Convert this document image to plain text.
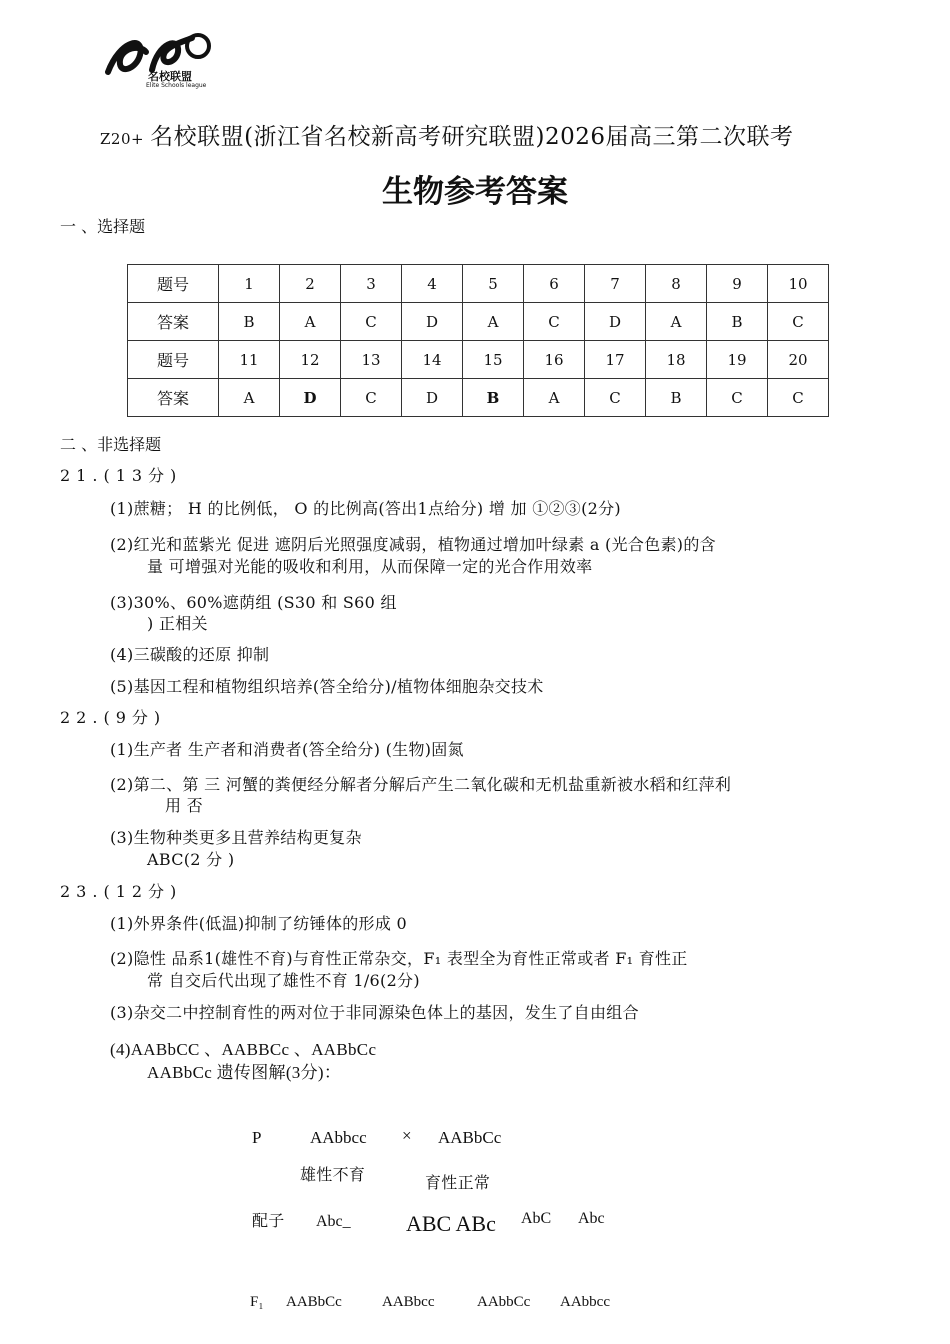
名校联盟
Elite Schools league
Z20+ 名校联盟(浙江省名校新高考研究联盟)2026届高三第二次联考
生物参考答案
一 、选择题
题号	1	2	3	4	5	6	7	8	9	10
答案	B	A	C	D	A	C	D	A	B	C
题号	11	12	13	14	15	16	17	18	19	20
答案	A	D	C	D	B	A	C	B	C	C
二 、非选择题
21.(13分)
(1)蔗糖； H 的比例低， O 的比例高(答出1点给分) 增 加 ①②③(2分)
(2)红光和蓝紫光 促进 遮阴后光照强度减弱，植物通过增加叶绿素 a (光合色素)的含
量 可增强对光能的吸收和利用，从而保障一定的光合作用效率
(3)30%、60%遮荫组 (S30 和 S60 组
) 正相关
(4)三碳酸的还原 抑制
(5)基因工程和植物组织培养(答全给分)/植物体细胞杂交技术
22.(9分)
(1)生产者 生产者和消费者(答全给分) (生物)固氮
(2)第二、第 三 河蟹的粪便经分解者分解后产生二氧化碳和无机盐重新被水稻和红萍利
用 否
(3)生物种类更多且营养结构更复杂
ABC(2 分 )
23.(12分)
(1)外界条件(低温)抑制了纺锤体的形成 0
(2)隐性 品系1(雄性不育)与育性正常杂交，F₁ 表型全为育性正常或者 F₁ 育性正
常 自交后代出现了雄性不育 1/6(2分)
(3)杂交二中控制育性的两对位于非同源染色体上的基因，发生了自由组合
(4)AABbCC 、AABBCc 、AABbCc
AABbCc 遗传图解(3分)：
P	AAbbcc × AABbCc
雄性不育	育性正常
配子 Abc_	ABC ABc AbC Abc
F₁ AABbCc	AABbcc	AAbbCc AAbbcc
